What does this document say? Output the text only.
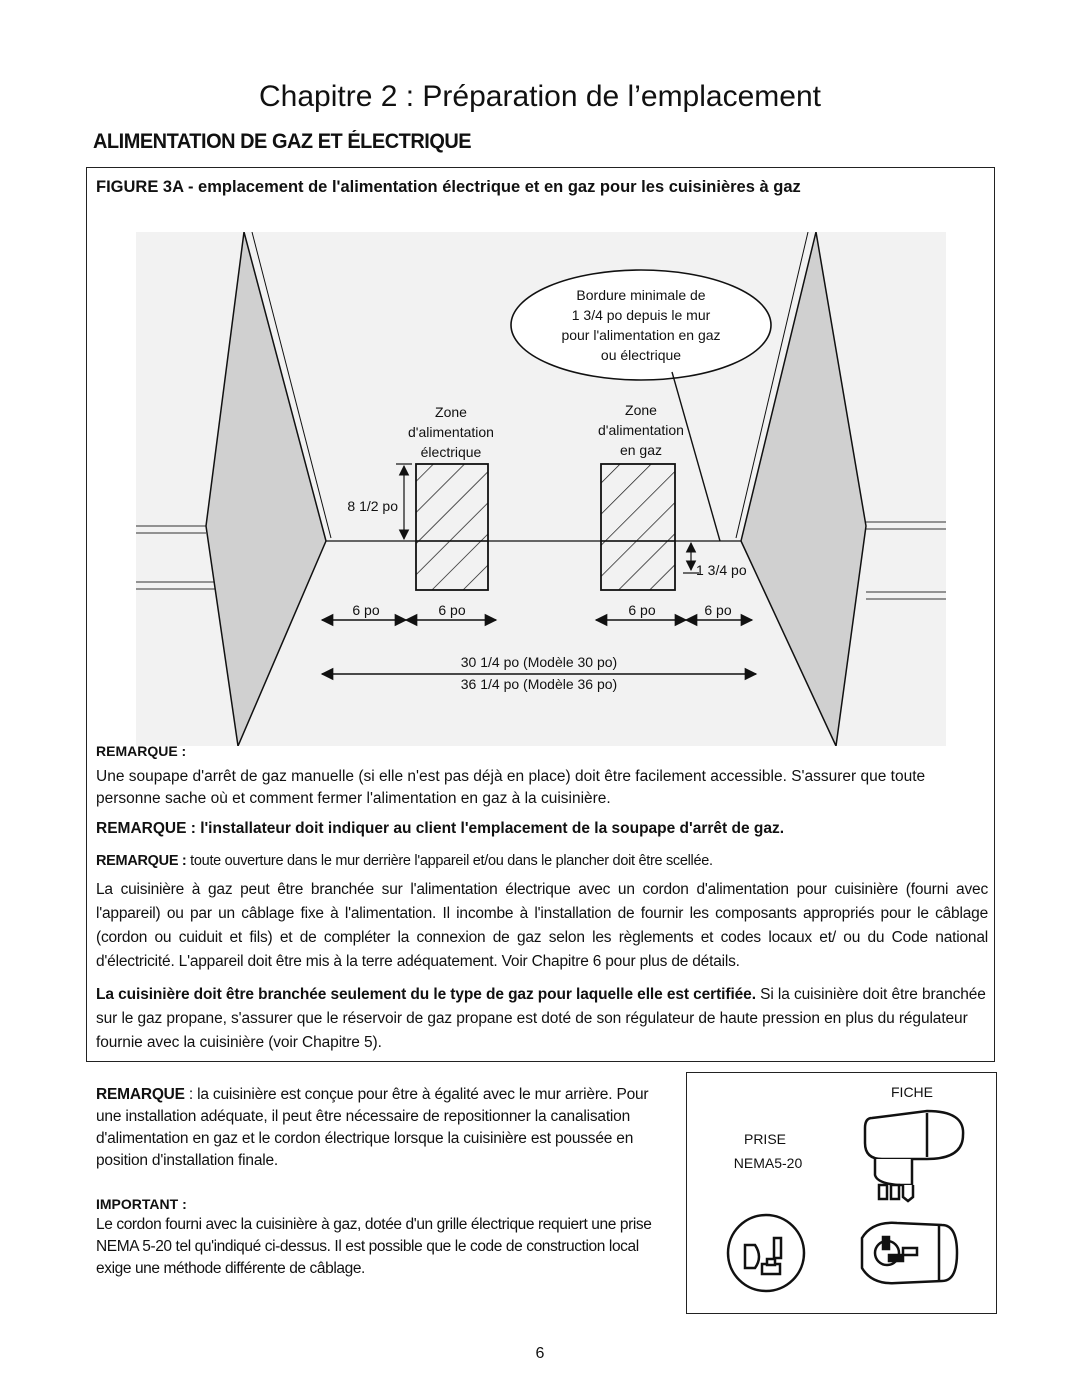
Chapitre 2 : Préparation de l’emplacement
ALIMENTATION DE GAZ ET ÉLECTRIQUE
FIGURE 3A - emplacement de l'alimentation électrique et en gaz pour les cuisinières à gaz
Bordure minimale de
1 3/4 po depuis le mur
pour l'alimentation en gaz
ou électrique
Zone
d'alimentation
électrique
Zone
d'alimentation
en gaz
8 1/2 po
1 3/4 po
6 po	6 po	6 po	6 po
30 1/4 po (Modèle 30 po)
36 1/4 po (Modèle 36 po)
REMARQUE :
Une soupape d'arrêt de gaz manuelle (si elle n'est pas déjà en place) doit être facilement accessible. S'assurer que toute personne sache où et comment fermer l'alimentation en gaz à la cuisinière.
REMARQUE : l'installateur doit indiquer au client l'emplacement de la soupape d'arrêt de gaz.
REMARQUE : toute ouverture dans le mur derrière l'appareil et/ou dans le plancher doit être scellée.
La cuisinière à gaz peut être branchée sur l'alimentation électrique avec un cordon d'alimentation pour cuisinière (fourni avec l'appareil) ou par un câblage fixe à l'alimentation. Il incombe à l'installation de fournir les composants appropriés pour le câblage (cordon ou cuiduit et fils) et de compléter la connexion de gaz selon les règlements et codes locaux et/ ou du Code national d'électricité. L'appareil doit être mis à la terre adéquatement. Voir Chapitre 6 pour plus de détails.
La cuisinière doit être branchée seulement du le type de gaz pour laquelle elle est certifiée. Si la cuisinière doit être branchée sur le gaz propane, s'assurer que le réservoir de gaz propane est doté de son régulateur de haute pression en plus du régulateur fournie avec la cuisinière (voir Chapitre 5).
REMARQUE : la cuisinière est conçue pour être à égalité avec le mur arrière. Pour une installation adéquate, il peut être nécessaire de repositionner la canalisation d'alimentation en gaz et le cordon électrique lorsque la cuisinière est poussée en position d'installation finale.
IMPORTANT :
Le cordon fourni avec la cuisinière à gaz, dotée d'un grille électrique requiert une prise NEMA 5-20 tel qu'indiqué ci-dessus. Il est possible que le code de construction local exige une méthode différente de câblage.
FICHE
PRISE
NEMA5-20
6
